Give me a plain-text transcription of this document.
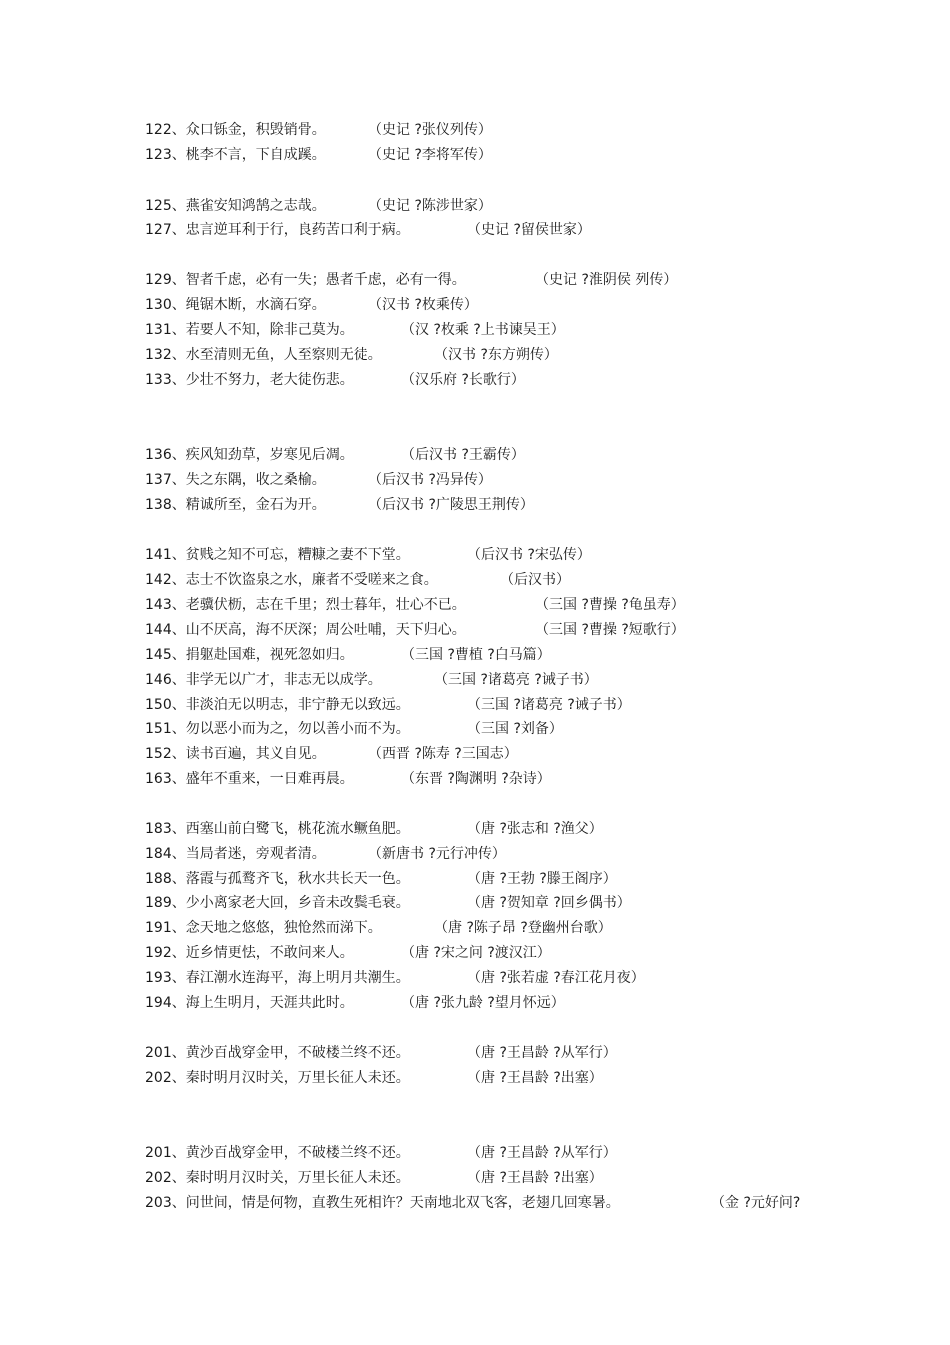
122、众口铄金，积毁销骨。	（史记 ?张仪列传）
123、桃李不言，下自成蹊。	（史记 ?李将军传）
125、燕雀安知鸿鹄之志哉。	（史记 ?陈涉世家）
127、忠言逆耳利于行，良药苦口利于病。	（史记 ?留侯世家）
129、智者千虑，必有一失；愚者千虑，必有一得。	（史记 ?淮阴侯 列传）
130、绳锯木断，水滴石穿。	（汉书 ?枚乘传）
131、若要人不知，除非己莫为。	（汉 ?枚乘 ?上书谏吴王）
132、水至清则无鱼，人至察则无徒。	（汉书 ?东方朔传）
133、少壮不努力，老大徒伤悲。	（汉乐府 ?长歌行）
136、疾风知劲草，岁寒见后凋。	（后汉书 ?王霸传）
137、失之东隅，收之桑榆。	（后汉书 ?冯异传）
138、精诚所至，金石为开。	（后汉书 ?广陵思王荆传）
141、贫贱之知不可忘，糟糠之妻不下堂。	（后汉书 ?宋弘传）
142、志士不饮盗泉之水，廉者不受嗟来之食。	（后汉书）
143、老骥伏枥，志在千里；烈士暮年，壮心不已。	（三国 ?曹操 ?龟虽寿）
144、山不厌高，海不厌深；周公吐哺，天下归心。	（三国 ?曹操 ?短歌行）
145、捐躯赴国难，视死忽如归。	（三国 ?曹植 ?白马篇）
146、非学无以广才，非志无以成学。	（三国 ?诸葛亮 ?诫子书）
150、非淡泊无以明志，非宁静无以致远。	（三国 ?诸葛亮 ?诫子书）
151、勿以恶小而为之，勿以善小而不为。	（三国 ?刘备）
152、读书百遍，其义自见。	（西晋 ?陈寿 ?三国志）
163、盛年不重来，一日难再晨。	（东晋 ?陶渊明 ?杂诗）
183、西塞山前白鹭飞，桃花流水鳜鱼肥。	（唐 ?张志和 ?渔父）
184、当局者迷，旁观者清。	（新唐书 ?元行冲传）
188、落霞与孤鹜齐飞，秋水共长天一色。	（唐 ?王勃 ?滕王阁序）
189、少小离家老大回，乡音未改鬓毛衰。	（唐 ?贺知章 ?回乡偶书）
191、念天地之悠悠，独怆然而涕下。	（唐 ?陈子昂 ?登幽州台歌）
192、近乡情更怯，不敢问来人。	（唐 ?宋之问 ?渡汉江）
193、春江潮水连海平，海上明月共潮生。	（唐 ?张若虚 ?春江花月夜）
194、海上生明月，天涯共此时。	（唐 ?张九龄 ?望月怀远）
201、黄沙百战穿金甲，不破楼兰终不还。	（唐 ?王昌龄 ?从军行）
202、秦时明月汉时关，万里长征人未还。	（唐 ?王昌龄 ?出塞）
201、黄沙百战穿金甲，不破楼兰终不还。	（唐 ?王昌龄 ?从军行）
202、秦时明月汉时关，万里长征人未还。	（唐 ?王昌龄 ?出塞）
203、问世间，情是何物，直教生死相许？天南地北双飞客，老翅几回寒暑。	（金 ?元好问?
